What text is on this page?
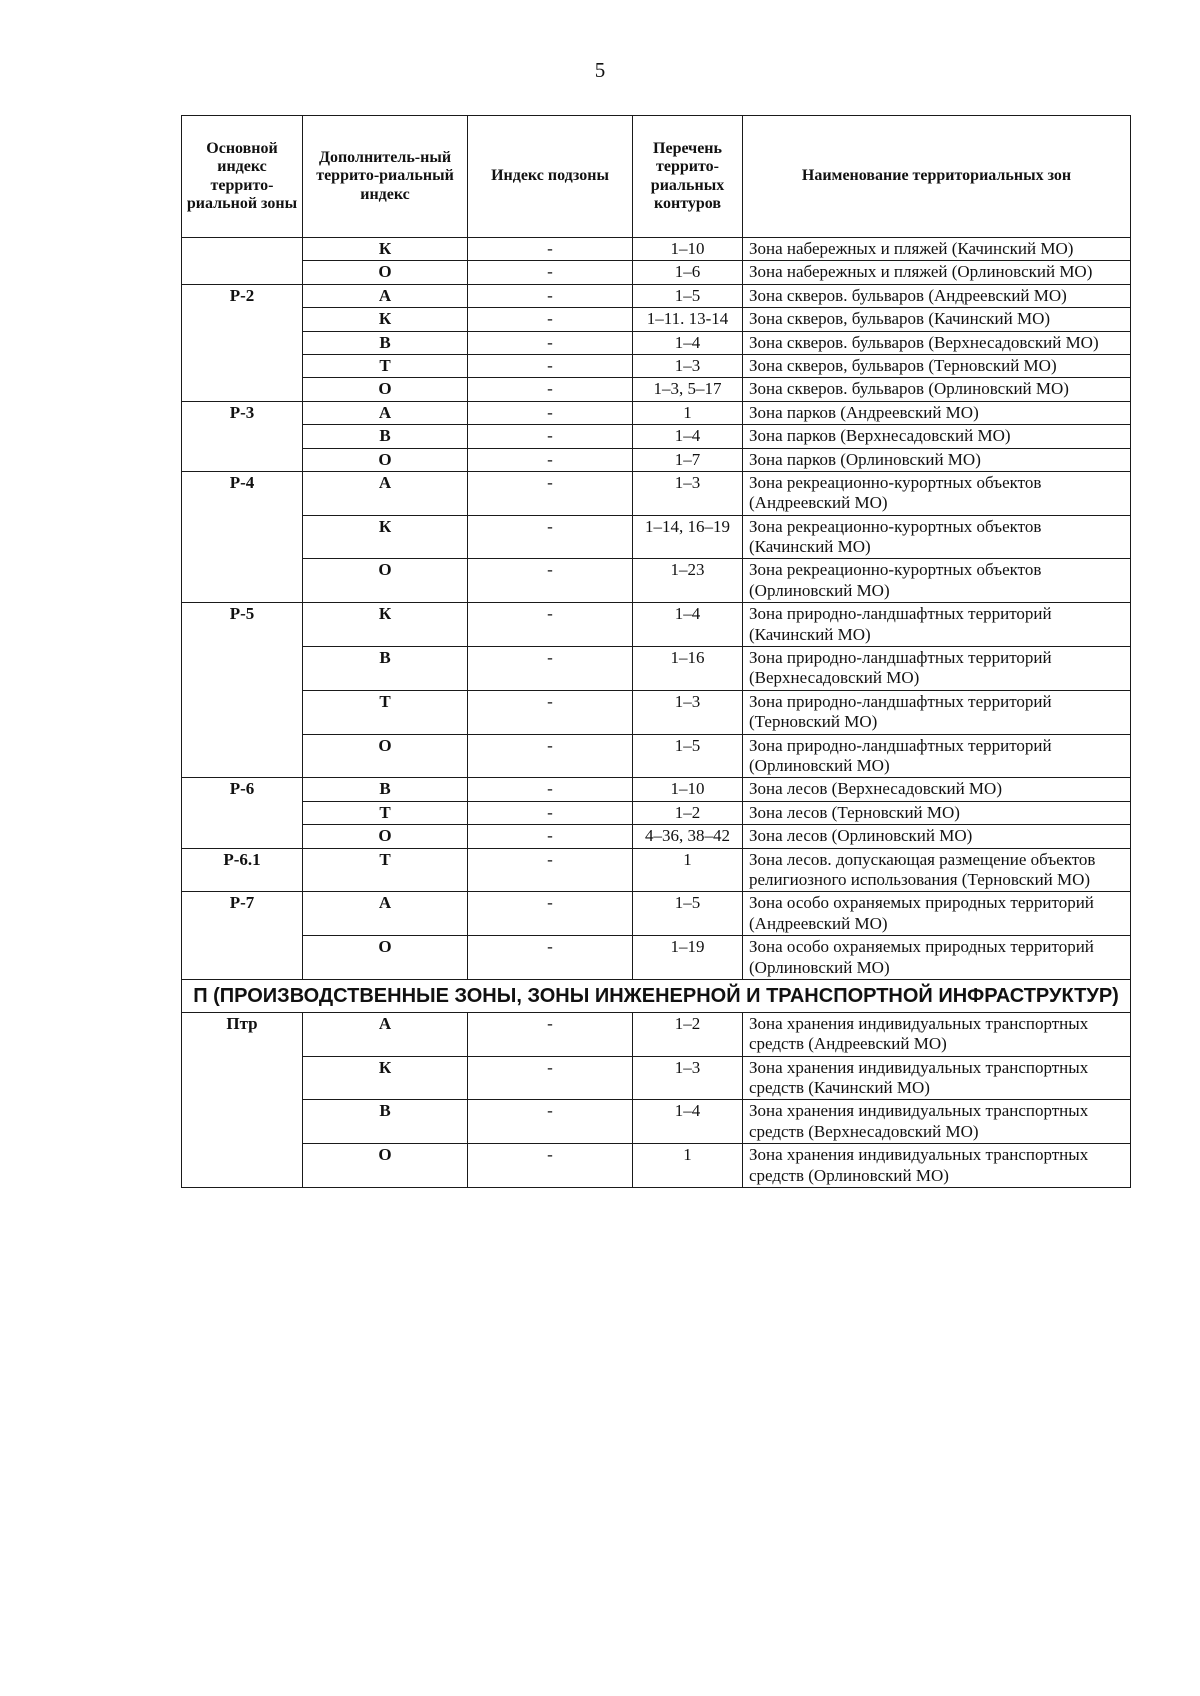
5
Основной индекс террито-риальной зоны	Дополнитель-ный террито-риальный индекс	Индекс подзоны	Перечень террито-риальных контуров	Наименование территориальных зон
	К	-	1–10	Зона набережных и пляжей (Качинский МО)
	О	-	1–6	Зона набережных и пляжей (Орлиновский МО)
Р-2	А	-	1–5	Зона скверов. бульваров (Андреевский МО)
	К	-	1–11. 13-14	Зона скверов, бульваров (Качинский МО)
	В	-	1–4	Зона скверов. бульваров (Верхнесадовский МО)
	Т	-	1–3	Зона скверов, бульваров (Терновский МО)
	О	-	1–3, 5–17	Зона скверов. бульваров (Орлиновский МО)
Р-3	А	-	1	Зона парков (Андреевский МО)
	В	-	1–4	Зона парков (Верхнесадовский МО)
	О	-	1–7	Зона парков (Орлиновский МО)
Р-4	А	-	1–3	Зона рекреационно-курортных объектов (Андреевский МО)
	К	-	1–14, 16–19	Зона рекреационно-курортных объектов (Качинский МО)
	О	-	1–23	Зона рекреационно-курортных объектов (Орлиновский МО)
Р-5	К	-	1–4	Зона природно-ландшафтных территорий (Качинский МО)
	В	-	1–16	Зона природно-ландшафтных территорий (Верхнесадовский МО)
	Т	-	1–3	Зона природно-ландшафтных территорий (Терновский МО)
	О	-	1–5	Зона природно-ландшафтных территорий (Орлиновский МО)
Р-6	В	-	1–10	Зона лесов (Верхнесадовский МО)
	Т	-	1–2	Зона лесов (Терновский МО)
	О	-	4–36, 38–42	Зона лесов (Орлиновский МО)
Р-6.1	Т	-	1	Зона лесов. допускающая размещение объектов религиозного использования (Терновский МО)
Р-7	А	-	1–5	Зона особо охраняемых природных территорий (Андреевский МО)
	О	-	1–19	Зона особо охраняемых природных территорий (Орлиновский МО)
П (ПРОИЗВОДСТВЕННЫЕ ЗОНЫ, ЗОНЫ ИНЖЕНЕРНОЙ И ТРАНСПОРТНОЙ ИНФРАСТРУКТУР)				
Птр	А	-	1–2	Зона хранения индивидуальных транспортных средств (Андреевский МО)
	К	-	1–3	Зона хранения индивидуальных транспортных средств (Качинский МО)
	В	-	1–4	Зона хранения индивидуальных транспортных средств (Верхнесадовский МО)
	О	-	1	Зона хранения индивидуальных транспортных средств (Орлиновский МО)
